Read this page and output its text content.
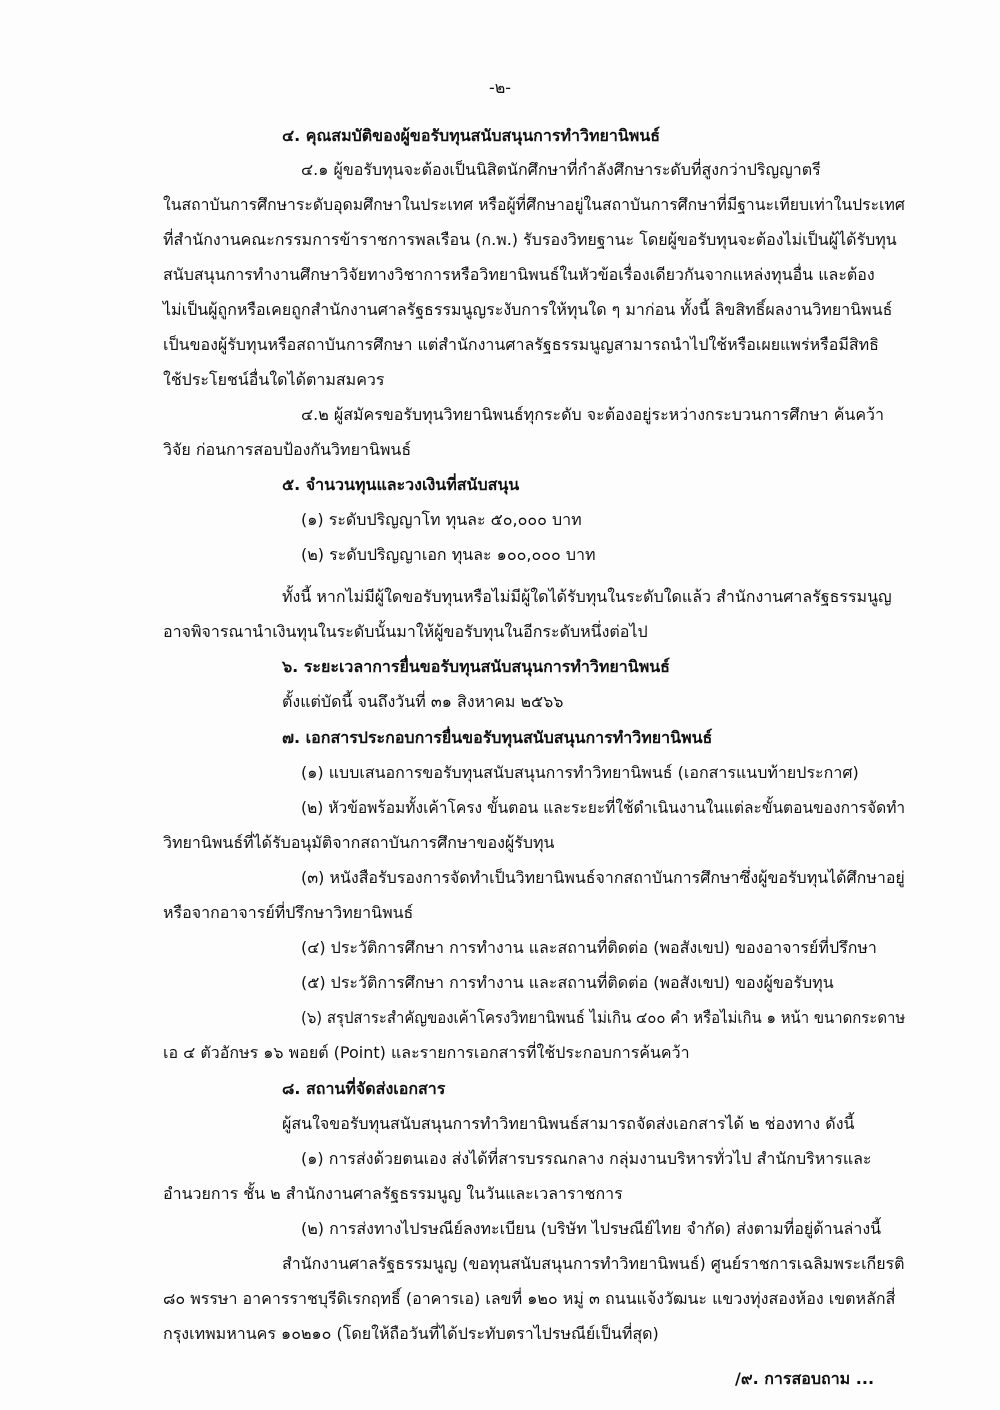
-๒-
๔. คุณสมบัติของผู้ขอรับทุนสนับสนุนการทำวิทยานิพนธ์
๔.๑ ผู้ขอรับทุนจะต้องเป็นนิสิตนักศึกษาที่กำลังศึกษาระดับที่สูงกว่าปริญญาตรี
ในสถาบันการศึกษาระดับอุดมศึกษาในประเทศ หรือผู้ที่ศึกษาอยู่ในสถาบันการศึกษาที่มีฐานะเทียบเท่าในประเทศ
ที่สำนักงานคณะกรรมการข้าราชการพลเรือน (ก.พ.) รับรองวิทยฐานะ โดยผู้ขอรับทุนจะต้องไม่เป็นผู้ได้รับทุน
สนับสนุนการทำงานศึกษาวิจัยทางวิชาการหรือวิทยานิพนธ์ในหัวข้อเรื่องเดียวกันจากแหล่งทุนอื่น และต้อง
ไม่เป็นผู้ถูกหรือเคยถูกสำนักงานศาลรัฐธรรมนูญระงับการให้ทุนใด ๆ มาก่อน ทั้งนี้ ลิขสิทธิ์ผลงานวิทยานิพนธ์
เป็นของผู้รับทุนหรือสถาบันการศึกษา แต่สำนักงานศาลรัฐธรรมนูญสามารถนำไปใช้หรือเผยแพร่หรือมีสิทธิ
ใช้ประโยชน์อื่นใดได้ตามสมควร
๔.๒ ผู้สมัครขอรับทุนวิทยานิพนธ์ทุกระดับ จะต้องอยู่ระหว่างกระบวนการศึกษา ค้นคว้า
วิจัย ก่อนการสอบป้องกันวิทยานิพนธ์
๕. จำนวนทุนและวงเงินที่สนับสนุน
(๑) ระดับปริญญาโท ทุนละ ๕๐,๐๐๐ บาท
(๒) ระดับปริญญาเอก ทุนละ ๑๐๐,๐๐๐ บาท
ทั้งนี้ หากไม่มีผู้ใดขอรับทุนหรือไม่มีผู้ใดได้รับทุนในระดับใดแล้ว สำนักงานศาลรัฐธรรมนูญ
อาจพิจารณานำเงินทุนในระดับนั้นมาให้ผู้ขอรับทุนในอีกระดับหนึ่งต่อไป
๖. ระยะเวลาการยื่นขอรับทุนสนับสนุนการทำวิทยานิพนธ์
ตั้งแต่บัดนี้ จนถึงวันที่ ๓๑ สิงหาคม ๒๕๖๖
๗. เอกสารประกอบการยื่นขอรับทุนสนับสนุนการทำวิทยานิพนธ์
(๑) แบบเสนอการขอรับทุนสนับสนุนการทำวิทยานิพนธ์ (เอกสารแนบท้ายประกาศ)
(๒) หัวข้อพร้อมทั้งเค้าโครง ขั้นตอน และระยะที่ใช้ดำเนินงานในแต่ละขั้นตอนของการจัดทำ
วิทยานิพนธ์ที่ได้รับอนุมัติจากสถาบันการศึกษาของผู้รับทุน
(๓) หนังสือรับรองการจัดทำเป็นวิทยานิพนธ์จากสถาบันการศึกษาซึ่งผู้ขอรับทุนได้ศึกษาอยู่
หรือจากอาจารย์ที่ปรึกษาวิทยานิพนธ์
(๔) ประวัติการศึกษา การทำงาน และสถานที่ติดต่อ (พอสังเขป) ของอาจารย์ที่ปรึกษา
(๕) ประวัติการศึกษา การทำงาน และสถานที่ติดต่อ (พอสังเขป) ของผู้ขอรับทุน
(๖) สรุปสาระสำคัญของเค้าโครงวิทยานิพนธ์ ไม่เกิน ๔๐๐ คำ หรือไม่เกิน ๑ หน้า ขนาดกระดาษ
เอ ๔ ตัวอักษร ๑๖ พอยต์ (Point) และรายการเอกสารที่ใช้ประกอบการค้นคว้า
๘. สถานที่จัดส่งเอกสาร
ผู้สนใจขอรับทุนสนับสนุนการทำวิทยานิพนธ์สามารถจัดส่งเอกสารได้ ๒ ช่องทาง ดังนี้
(๑) การส่งด้วยตนเอง ส่งได้ที่สารบรรณกลาง กลุ่มงานบริหารทั่วไป สำนักบริหารและ
อำนวยการ ชั้น ๒ สำนักงานศาลรัฐธรรมนูญ ในวันและเวลาราชการ
(๒) การส่งทางไปรษณีย์ลงทะเบียน (บริษัท ไปรษณีย์ไทย จำกัด) ส่งตามที่อยู่ด้านล่างนี้
สำนักงานศาลรัฐธรรมนูญ (ขอทุนสนับสนุนการทำวิทยานิพนธ์) ศูนย์ราชการเฉลิมพระเกียรติ
๘๐ พรรษา อาคารราชบุรีดิเรกฤทธิ์ (อาคารเอ) เลขที่ ๑๒๐ หมู่ ๓ ถนนแจ้งวัฒนะ แขวงทุ่งสองห้อง เขตหลักสี่
กรุงเทพมหานคร ๑๐๒๑๐ (โดยให้ถือวันที่ได้ประทับตราไปรษณีย์เป็นที่สุด)
/๙. การสอบถาม ...
